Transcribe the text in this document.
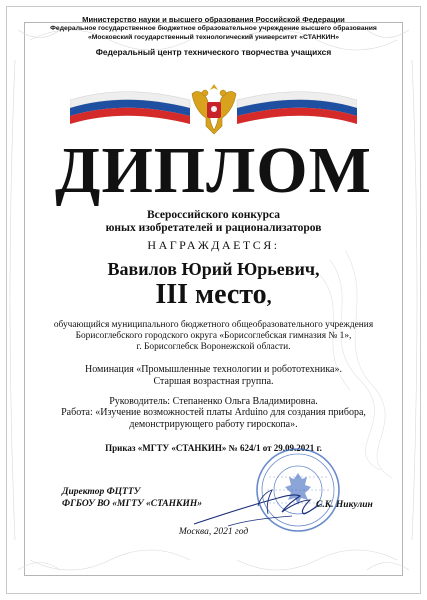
Министерство науки и высшего образования Российской Федерации
Федеральное государственное бюджетное образовательное учреждение высшего образования
«Московский государственный технологический университет «СТАНКИН»
Федеральный центр технического творчества учащихся
ДИПЛОМ
Всероссийского конкурса
юных изобретателей и рационализаторов
НАГРАЖДАЕТСЯ:
Вавилов Юрий Юрьевич,
III место,
обучающийся муниципального бюджетного общеобразовательного учреждения
Борисоглебского городского округа «Борисоглебская гимназия № 1»,
г. Борисоглебск Воронежской области.
Номинация «Промышленные технологии и робототехника».
Старшая возрастная группа.
Руководитель: Степаненко Ольга Владимировна.
Работа: «Изучение возможностей платы Arduino для создания прибора,
демонстрирующего работу гироскопа».
Приказ «МГТУ «СТАНКИН» № 624/1 от 29.09.2021 г.
Директор ФЦТТУ
ФГБОУ ВО «МГТУ «СТАНКИН»	С.К. Никулин
Москва, 2021 год
